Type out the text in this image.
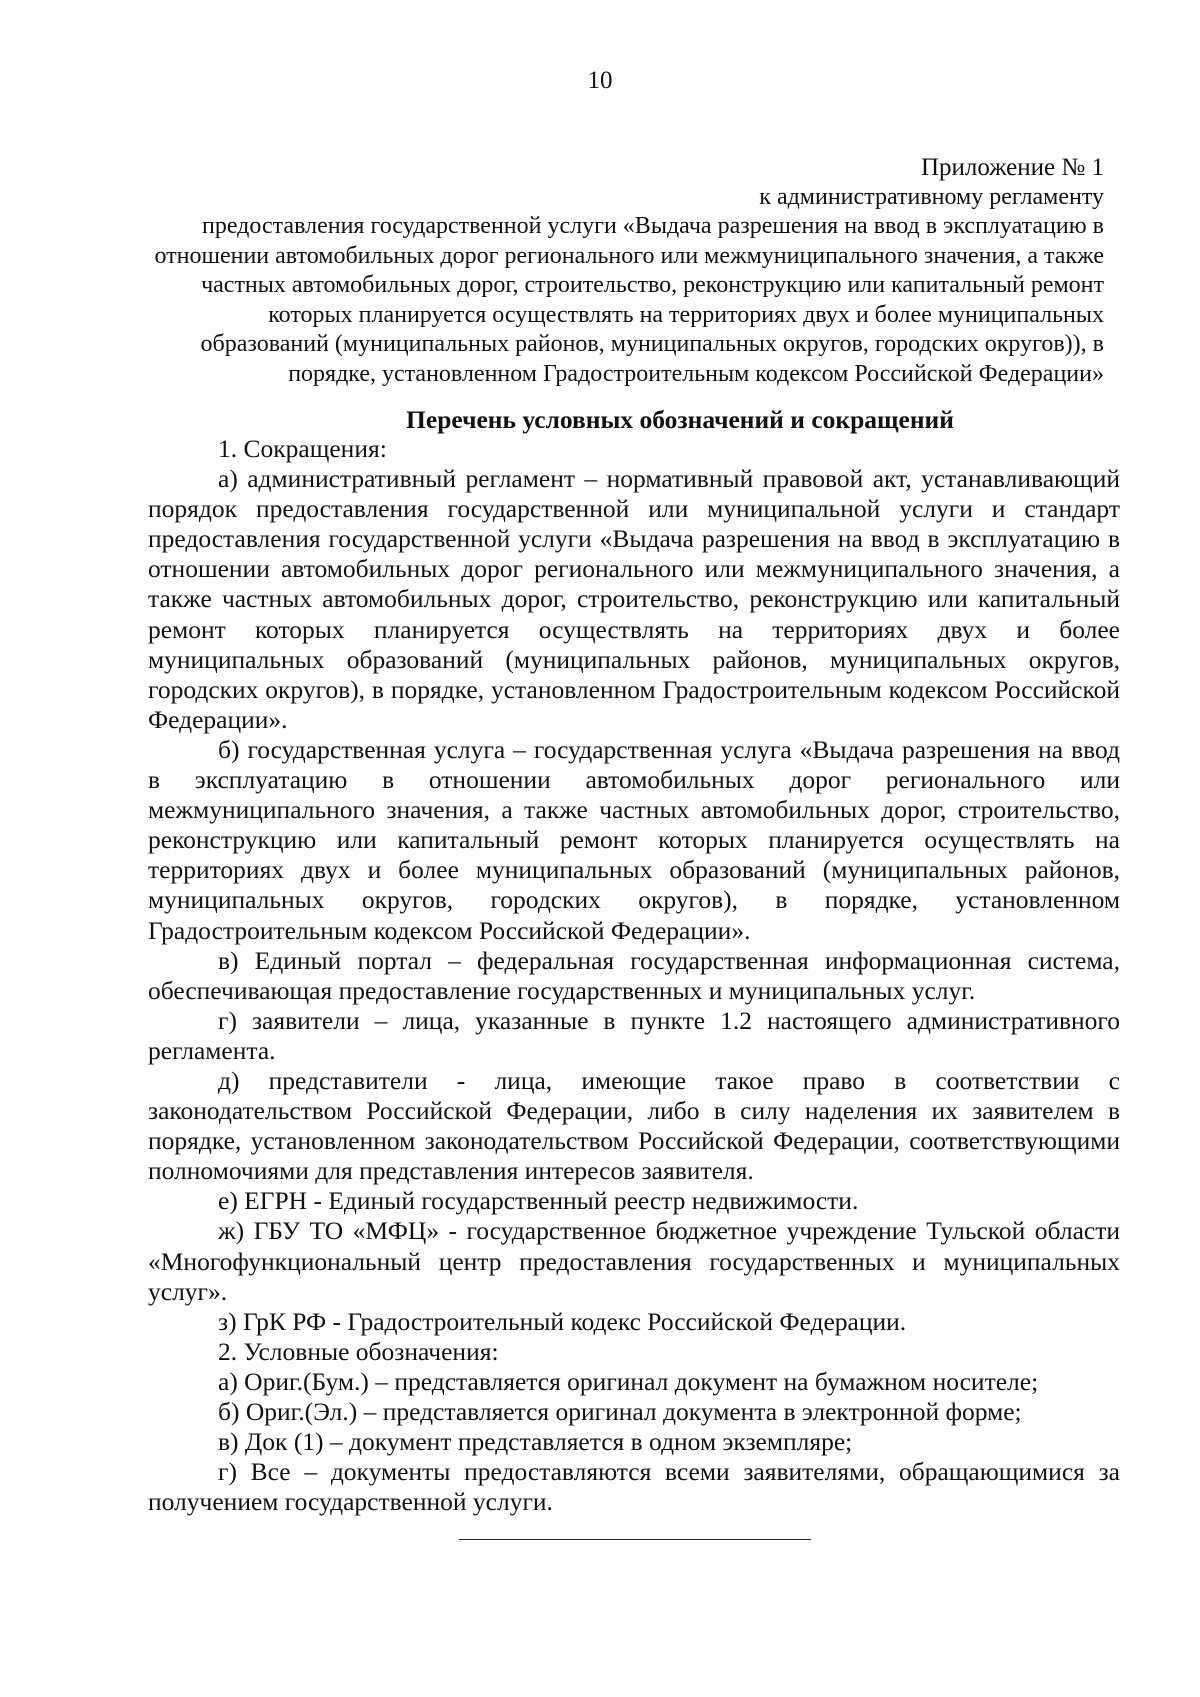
10
Приложение № 1
к административному регламенту
предоставления государственной услуги «Выдача разрешения на ввод в эксплуатацию в
отношении автомобильных дорог регионального или межмуниципального значения, а также
частных автомобильных дорог, строительство, реконструкцию или капитальный ремонт
которых планируется осуществлять на территориях двух и более муниципальных
образований (муниципальных районов, муниципальных округов, городских округов)), в
порядке, установленном Градостроительным кодексом Российской Федерации»
Перечень условных обозначений и сокращений

1. Сокращения:

а) административный регламент – нормативный правовой акт, устанавливающий порядок предоставления государственной или муниципальной услуги и стандарт предоставления государственной услуги «Выдача разрешения на ввод в эксплуатацию в отношении автомобильных дорог регионального или межмуниципального значения, а также частных автомобильных дорог, строительство, реконструкцию или капитальный ремонт которых планируется осуществлять на территориях двух и более муниципальных образований (муниципальных районов, муниципальных округов, городских округов), в порядке, установленном Градостроительным кодексом Российской Федерации».

б) государственная услуга – государственная услуга «Выдача разрешения на ввод в эксплуатацию в отношении автомобильных дорог регионального или межмуниципального значения, а также частных автомобильных дорог, строительство, реконструкцию или капитальный ремонт которых планируется осуществлять на территориях двух и более муниципальных образований (муниципальных районов, муниципальных округов, городских округов), в порядке, установленном Градостроительным кодексом Российской Федерации».

в) Единый портал – федеральная государственная информационная система, обеспечивающая предоставление государственных и муниципальных услуг.

г) заявители – лица, указанные в пункте 1.2 настоящего административного регламента.

д) представители - лица, имеющие такое право в соответствии с законодательством Российской Федерации, либо в силу наделения их заявителем в порядке, установленном законодательством Российской Федерации, соответствующими полномочиями для представления интересов заявителя.

е) ЕГРН - Единый государственный реестр недвижимости.

ж) ГБУ ТО «МФЦ» - государственное бюджетное учреждение Тульской области «Многофункциональный центр предоставления государственных и муниципальных услуг».

з) ГрК РФ - Градостроительный кодекс Российской Федерации.

2. Условные обозначения:

а) Ориг.(Бум.) – представляется оригинал документ на бумажном носителе;

б) Ориг.(Эл.) – представляется оригинал документа в электронной форме;

в) Док (1) – документ представляется в одном экземпляре;

г) Все – документы предоставляются всеми заявителями, обращающимися за получением государственной услуги.
